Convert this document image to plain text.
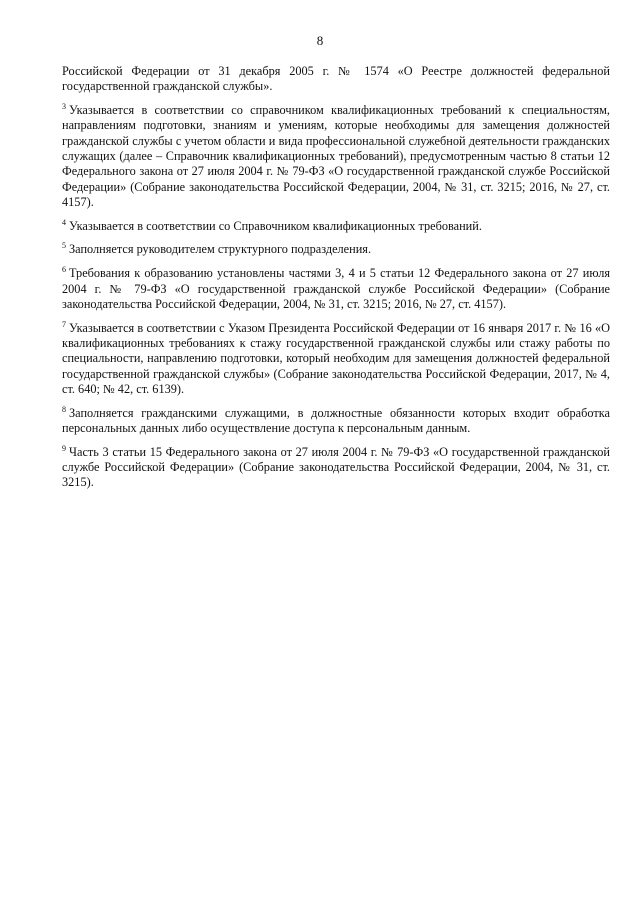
8

Российской Федерации от 31 декабря 2005 г. № 1574 «О Реестре должностей федеральной государственной гражданской службы».

$^3$ Указывается в соответствии со справочником квалификационных требований к специальностям, направлениям подготовки, знаниям и умениям, которые необходимы для замещения должностей гражданской службы с учетом области и вида профессиональной служебной деятельности гражданских служащих (далее – Справочник квалификационных требований), предусмотренным частью 8 статьи 12 Федерального закона от 27 июля 2004 г. № 79-ФЗ «О государственной гражданской службе Российской Федерации» (Собрание законодательства Российской Федерации, 2004, № 31, ст. 3215; 2016, № 27, ст. 4157).

$^4$ Указывается в соответствии со Справочником квалификационных требований.

$^5$ Заполняется руководителем структурного подразделения.

$^6$ Требования к образованию установлены частями 3, 4 и 5 статьи 12 Федерального закона от 27 июля 2004 г. № 79-ФЗ «О государственной гражданской службе Российской Федерации» (Собрание законодательства Российской Федерации, 2004, № 31, ст. 3215; 2016, № 27, ст. 4157).

$^7$ Указывается в соответствии с Указом Президента Российской Федерации от 16 января 2017 г. № 16 «О квалификационных требованиях к стажу государственной гражданской службы или стажу работы по специальности, направлению подготовки, который необходим для замещения должностей федеральной государственной гражданской службы» (Собрание законодательства Российской Федерации, 2017, № 4, ст. 640; № 42, ст. 6139).

$^8$ Заполняется гражданскими служащими, в должностные обязанности которых входит обработка персональных данных либо осуществление доступа к персональным данным.

$^9$ Часть 3 статьи 15 Федерального закона от 27 июля 2004 г. № 79-ФЗ «О государственной гражданской службе Российской Федерации» (Собрание законодательства Российской Федерации, 2004, № 31, ст. 3215).
